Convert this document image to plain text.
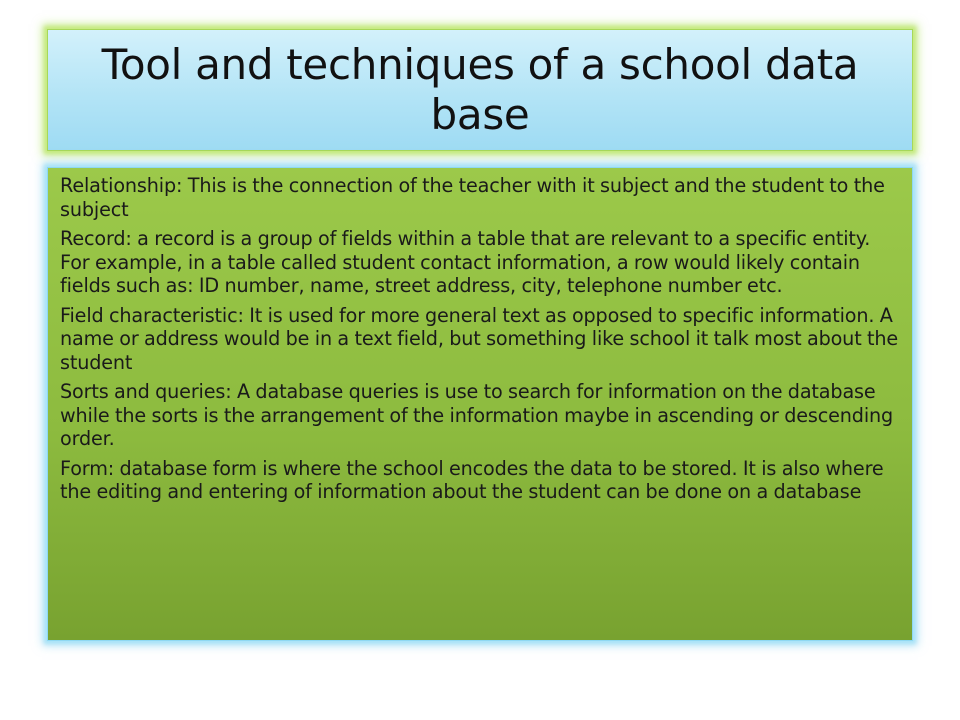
Tool and techniques of a school data base

Relationship: This is the connection of the teacher with it subject and the student to the subject

Record: a record is a group of fields within a table that are relevant to a specific entity. For example, in a table called student contact information, a row would likely contain fields such as: ID number, name, street address, city, telephone number etc.

Field characteristic: It is used for more general text as opposed to specific information. A name or address would be in a text field, but something like school it talk most about the student

Sorts and queries: A database queries is use to search for information on the database while the sorts is the arrangement of the information maybe in ascending or descending order.

Form: database form is where the school encodes the data to be stored. It is also where the editing and entering of information about the student can be done on a database
